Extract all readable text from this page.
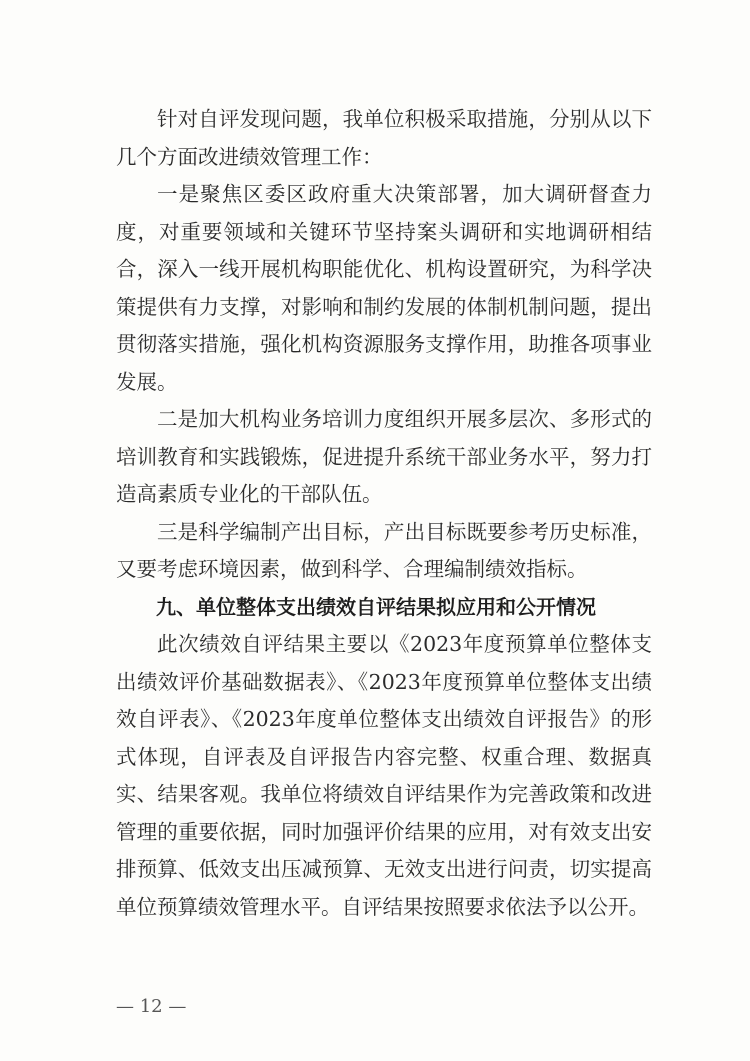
针对自评发现问题，我单位积极采取措施，分别从以下几个方面改进绩效管理工作：

一是聚焦区委区政府重大决策部署，加大调研督查力度，对重要领域和关键环节坚持案头调研和实地调研相结合，深入一线开展机构职能优化、机构设置研究，为科学决策提供有力支撑，对影响和制约发展的体制机制问题，提出贯彻落实措施，强化机构资源服务支撑作用，助推各项事业发展。

二是加大机构业务培训力度组织开展多层次、多形式的培训教育和实践锻炼，促进提升系统干部业务水平，努力打造高素质专业化的干部队伍。

三是科学编制产出目标，产出目标既要参考历史标准，又要考虑环境因素，做到科学、合理编制绩效指标。

九、单位整体支出绩效自评结果拟应用和公开情况

此次绩效自评结果主要以《2023年度预算单位整体支出绩效评价基础数据表》、《2023年度预算单位整体支出绩效自评表》、《2023年度单位整体支出绩效自评报告》的形式体现，自评表及自评报告内容完整、权重合理、数据真实、结果客观。我单位将绩效自评结果作为完善政策和改进管理的重要依据，同时加强评价结果的应用，对有效支出安排预算、低效支出压减预算、无效支出进行问责，切实提高单位预算绩效管理水平。自评结果按照要求依法予以公开。

— 12 —
